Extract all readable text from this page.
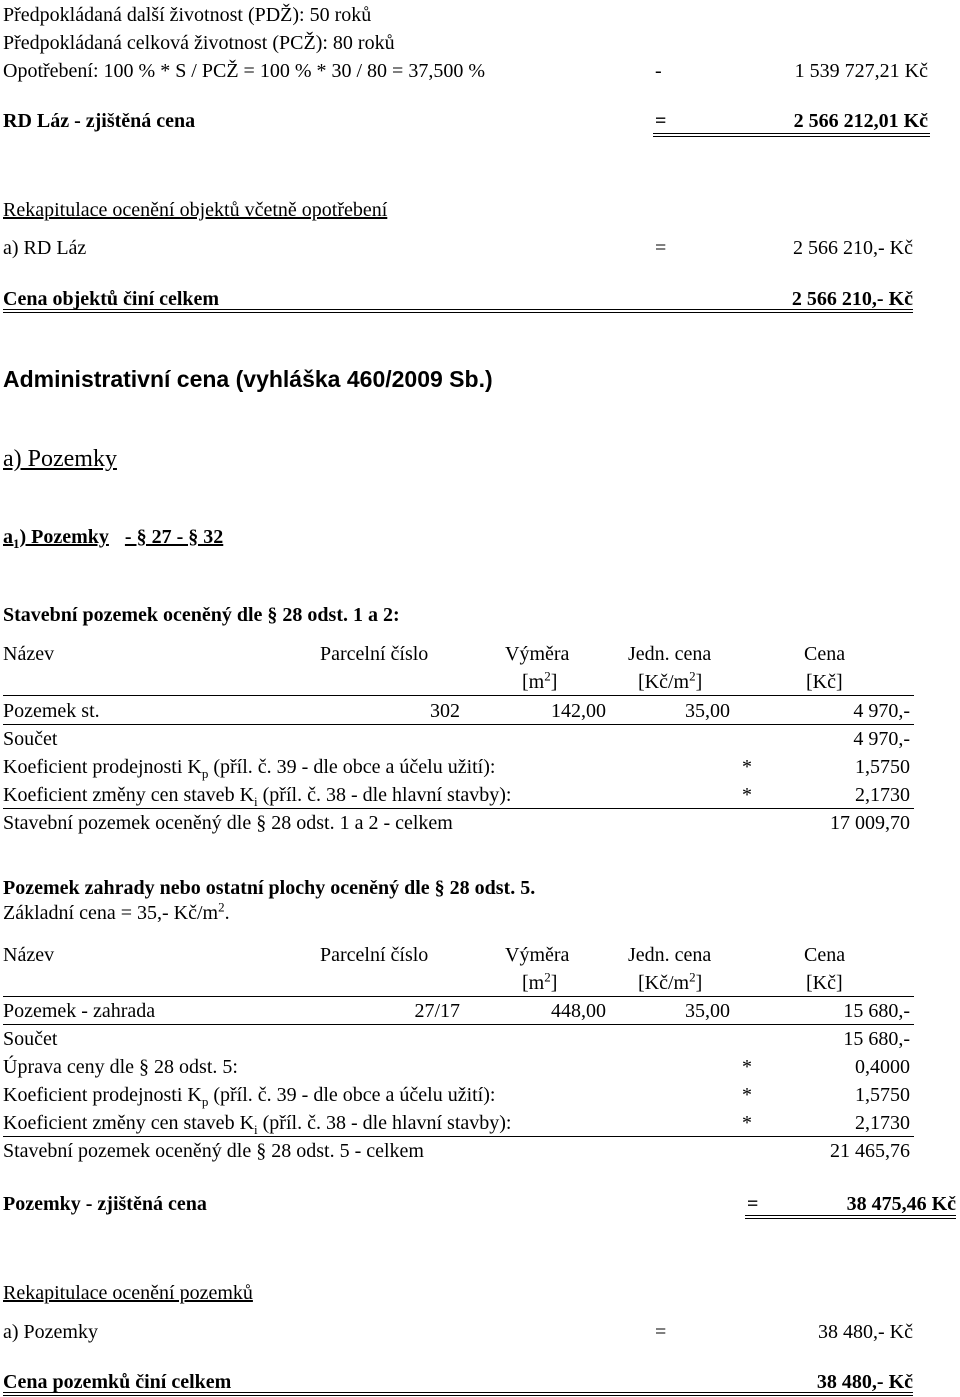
Předpokládaná další životnost (PDŽ): 50 roků
Předpokládaná celková životnost (PCŽ): 80 roků
Opotřebení: 100 % * S / PCŽ = 100 % * 30 / 80 = 37,500 %	-	1 539 727,21 Kč
RD Láz - zjištěná cena	=	2 566 212,01 Kč
Rekapitulace ocenění objektů včetně opotřebení
a) RD Láz	=	2 566 210,- Kč
Cena objektů činí celkem	2 566 210,- Kč
Administrativní cena (vyhláška 460/2009 Sb.)
a) Pozemky
$a_1$) Pozemky - § 27 - § 32
Stavební pozemek oceněný dle § 28 odst. 1 a 2:
Název	Parcelní číslo	Výměra	Jedn. cena	Cena
$[m^2]$	$[Kč/m^2]$	[Kč]
Pozemek st.	302	142,00	35,00	4 970,-
Součet	4 970,-
Koeficient prodejnosti $K_p$ (příl. č. 39 - dle obce a účelu užití):	*	1,5750
Koeficient změny cen staveb $K_i$ (příl. č. 38 - dle hlavní stavby):	*	2,1730
Stavební pozemek oceněný dle § 28 odst. 1 a 2 - celkem	17 009,70
Pozemek zahrady nebo ostatní plochy oceněný dle § 28 odst. 5.
Základní cena = 35,- $Kč/m^2$.
Název	Parcelní číslo	Výměra	Jedn. cena	Cena
$[m^2]$	$[Kč/m^2]$	[Kč]
Pozemek - zahrada	27/17	448,00	35,00	15 680,-
Součet	15 680,-
Úprava ceny dle § 28 odst. 5:	*	0,4000
Koeficient prodejnosti $K_p$ (příl. č. 39 - dle obce a účelu užití):	*	1,5750
Koeficient změny cen staveb $K_i$ (příl. č. 38 - dle hlavní stavby):	*	2,1730
Stavební pozemek oceněný dle § 28 odst. 5 - celkem	21 465,76
Pozemky - zjištěná cena	=	38 475,46 Kč
Rekapitulace ocenění pozemků
a) Pozemky	=	38 480,- Kč
Cena pozemků činí celkem	38 480,- Kč
